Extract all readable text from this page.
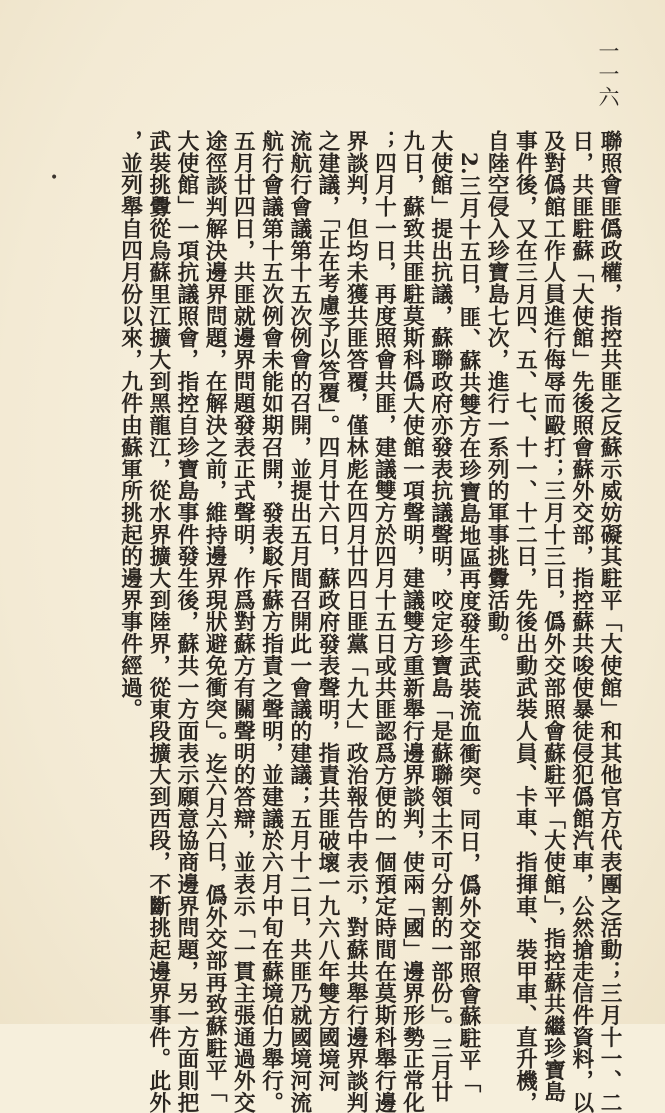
一一六
•	聯照會匪僞政權，指控共匪之反蘇示威妨礙其駐平「大使館」和其他官方代表團之活動；三月十一、二
日，共匪駐蘇「大使館」先後照會蘇外交部，指控蘇共唆使暴徒侵犯僞館汽車，公然搶走信件資料，以
及對僞館工作人員進行侮辱而毆打；三月十三日，僞外交部照會蘇駐平「大使館」，指控蘇共繼珍寶島
事件後，又在三月四、五、七、十一、十二日，先後出動武裝人員、卡車、指揮車、裝甲車、直升機，
自陸空侵入珍寶島七次，進行一系列的軍事挑釁活動。
　2.三月十五日，匪、蘇共雙方在珍寶島地區再度發生武裝流血衝突。同日，僞外交部照會蘇駐平「
大使館」提出抗議，蘇聯政府亦發表抗議聲明，咬定珍寶島「是蘇聯領土不可分割的一部份」。三月廿
九日，蘇致共匪駐莫斯科僞大使館一項聲明，建議雙方重新舉行邊界談判，使兩「國」邊界形勢正常化
；四月十一日，再度照會共匪，建議雙方於四月十五日或共匪認爲方便的一個預定時間在莫斯科舉行邊
界談判，但均未獲共匪答覆，僅林彪在四月廿四日匪黨「九大」政治報告中表示，對蘇共舉行邊界談判
之建議，「正在考慮予以答覆」。四月廿六日，蘇政府發表聲明，指責共匪破壞一九六八年雙方國境河
流航行會議第十五次例會的召開，並提出五月間召開此一會議的建議；五月十二日，共匪乃就國境河流
航行會議第十五次例會未能如期召開，發表駁斥蘇方指責之聲明，並建議於六月中旬在蘇境伯力舉行。
五月廿四日，共匪就邊界問題發表正式聲明，作爲對蘇方有關聲明的答辯，並表示「一貫主張通過外交
途徑談判解決邊界問題，在解決之前，維持邊界現狀避免衝突」。迄六月六日，僞外交部再致蘇駐平「
大使館」一項抗議照會，指控自珍寶島事件發生後，蘇共一方面表示願意協商邊界問題，另一方面則把
武裝挑釁從烏蘇里江擴大到黑龍江，從水界擴大到陸界，從東段擴大到西段，不斷挑起邊界事件。此外
，並列舉自四月份以來，九件由蘇軍所挑起的邊界事件經過。
